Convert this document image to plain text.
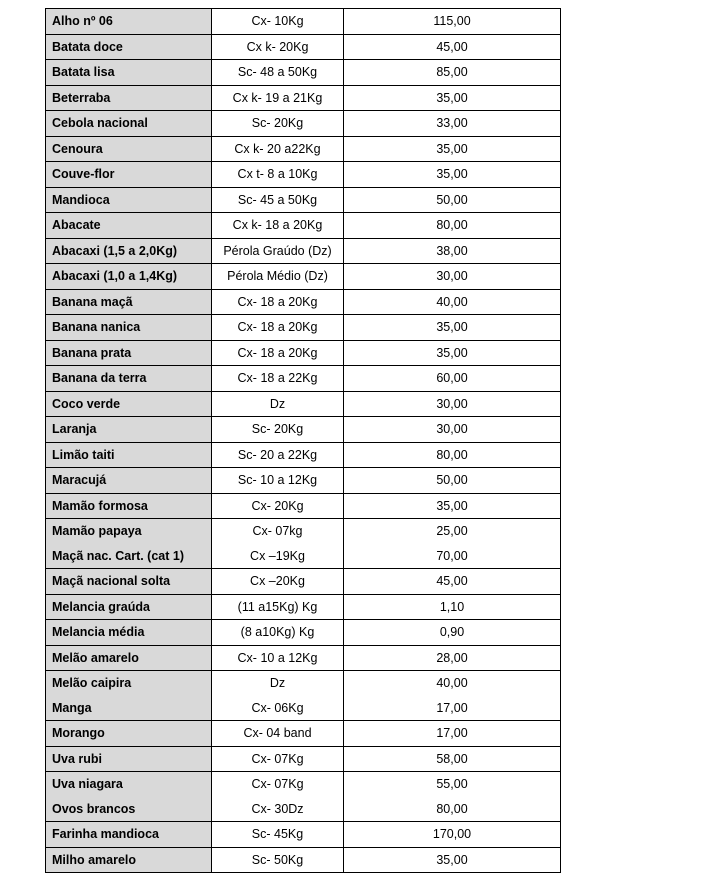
Alho nº 06	Cx- 10Kg	115,00
Batata doce	Cx k- 20Kg	45,00
Batata lisa	Sc- 48 a 50Kg	85,00
Beterraba	Cx k- 19 a 21Kg	35,00
Cebola nacional	Sc- 20Kg	33,00
Cenoura	Cx k- 20 a22Kg	35,00
Couve-flor	Cx t- 8 a 10Kg	35,00
Mandioca	Sc- 45 a 50Kg	50,00
Abacate	Cx k- 18 a 20Kg	80,00
Abacaxi (1,5 a 2,0Kg)	Pérola Graúdo (Dz)	38,00
Abacaxi (1,0 a 1,4Kg)	Pérola Médio (Dz)	30,00
Banana maçã	Cx- 18 a 20Kg	40,00
Banana nanica	Cx- 18 a 20Kg	35,00
Banana prata	Cx- 18 a 20Kg	35,00
Banana da terra	Cx- 18 a 22Kg	60,00
Coco verde	Dz	30,00
Laranja	Sc- 20Kg	30,00
Limão taiti	Sc- 20 a 22Kg	80,00
Maracujá	Sc- 10 a 12Kg	50,00
Mamão formosa	Cx- 20Kg	35,00
Mamão papaya	Cx- 07kg	25,00
Maçã nac. Cart. (cat 1)	Cx –19Kg	70,00
Maçã nacional solta	Cx –20Kg	45,00
Melancia graúda	(11 a15Kg) Kg	1,10
Melancia média	(8 a10Kg) Kg	0,90
Melão amarelo	Cx- 10 a 12Kg	28,00
Melão caipira	Dz	40,00
Manga	Cx- 06Kg	17,00
Morango	Cx- 04 band	17,00
Uva rubi	Cx- 07Kg	58,00
Uva niagara	Cx- 07Kg	55,00
Ovos brancos	Cx- 30Dz	80,00
Farinha mandioca	Sc- 45Kg	170,00
Milho amarelo	Sc- 50Kg	35,00
